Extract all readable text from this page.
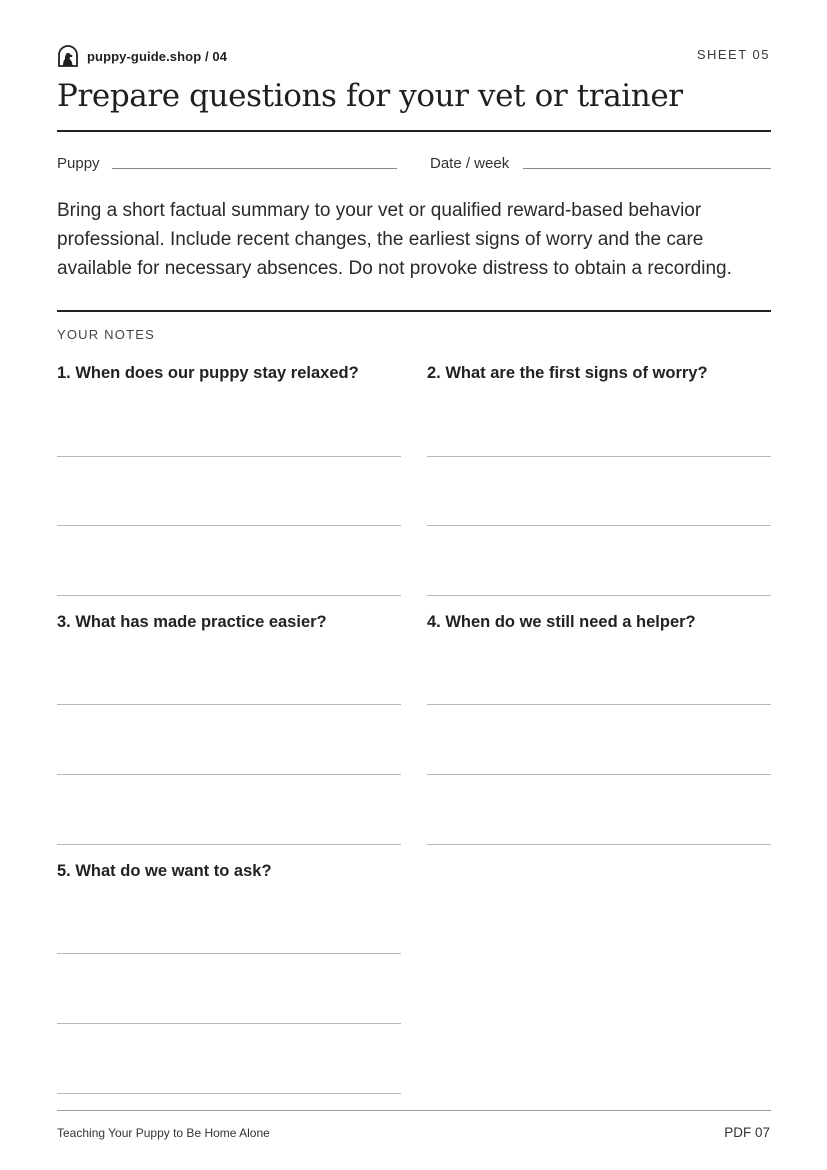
puppy-guide.shop / 04	SHEET 05
Prepare questions for your vet or trainer
Puppy	Date / week

Bring a short factual summary to your vet or qualified reward-based behavior professional. Include recent changes, the earliest signs of worry and the care available for necessary absences. Do not provoke distress to obtain a recording.

YOUR NOTES
1. When does our puppy stay relaxed?	2. What are the first signs of worry?
3. What has made practice easier?	4. When do we still need a helper?
5. What do we want to ask?
Teaching Your Puppy to Be Home Alone	PDF 07
